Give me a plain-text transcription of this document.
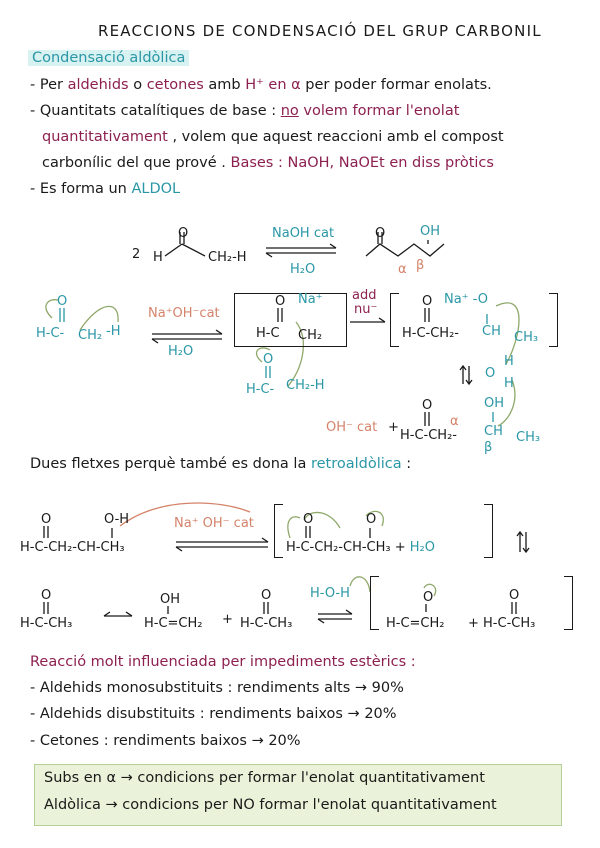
REACCIONS DE CONDENSACIÓ DEL GRUP CARBONIL
Condensació aldòlica
- Per aldehids o cetones amb H⁺ en α per poder formar enolats.
- Quantitats catalítiques de base : no volem formar l'enolat
quantitativament , volem que aquest reaccioni amb el compost
carbonílic del que prové . Bases : NaOH, NaOEt en diss pròtics
- Es forma un ALDOL
2 H
O
CH₂-H
NaOH cat
H₂O
O	OH
α β
O
H-C- CH₂ -H
Na⁺OH⁻cat
H₂O
O Na⁺
H-C CH₂
add
nu⁻
O
H-C- CH₂-H
O Na⁺ -O
H-C-CH₂- CH CH₃
H
O
H
OH⁻ cat +
O	OH
H-C-CH₂- CH CH₃
α
β
Dues fletxes perquè també es dona la retroaldòlica :
O	O-H
H-C-CH₂-CH-CH₃
Na⁺ OH⁻ cat	O	O
H-C-CH₂-CH-CH₃ + H₂O
O
H-C-CH₃
OH
H-C=CH₂ +
O
H-C-CH₃
H-O-H	O
H-C=CH₂
O
+ H-C-CH₃
Reacció molt influenciada per impediments estèrics :
- Aldehids monosubstituits : rendiments alts → 90%
- Aldehids disubstituits : rendiments baixos → 20%
- Cetones : rendiments baixos → 20%
Subs en α → condicions per formar l'enolat quantitativament
Aldòlica → condicions per NO formar l'enolat quantitativament
